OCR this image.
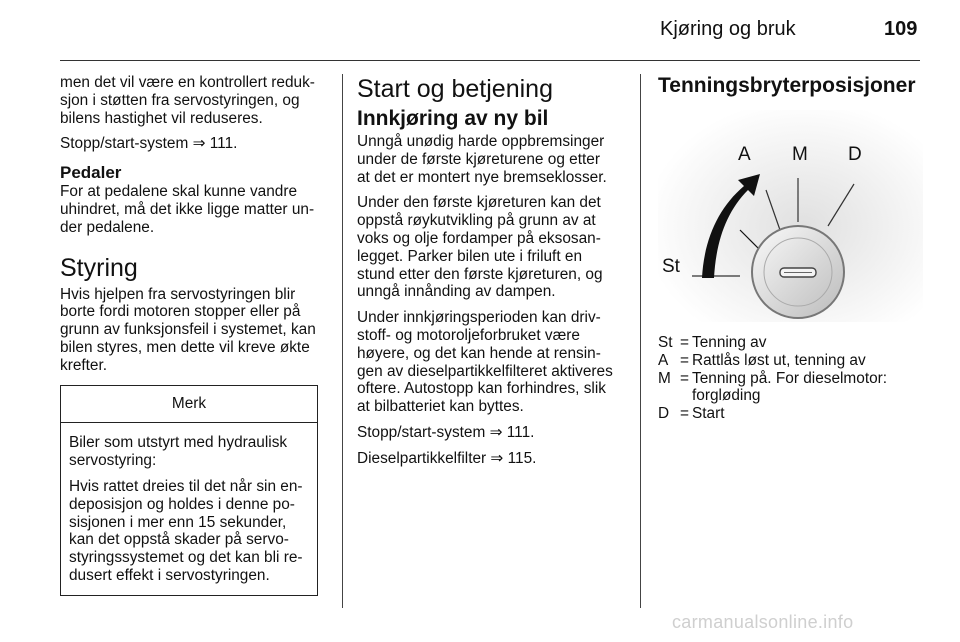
Kjøring og bruk	109

men det vil være en kontrollert reduk-
sjon i støtten fra servostyringen, og
bilens hastighet vil reduseres.

Stopp/start-system ⇒ 111.

Pedaler

For at pedalene skal kunne vandre
uhindret, må det ikke ligge matter un-
der pedalene.

Styring

Hvis hjelpen fra servostyringen blir
borte fordi motoren stopper eller på
grunn av funksjonsfeil i systemet, kan
bilen styres, men dette vil kreve økte
krefter.

Merk

Biler som utstyrt med hydraulisk
servostyring:

Hvis rattet dreies til det når sin en-
deposisjon og holdes i denne po-
sisjonen i mer enn 15 sekunder,
kan det oppstå skader på servo-
styringssystemet og det kan bli re-
dusert effekt i servostyringen.

Start og betjening
Innkjøring av ny bil

Unngå unødig harde oppbremsinger
under de første kjøreturene og etter
at det er montert nye bremseklosser.

Under den første kjøreturen kan det
oppstå røykutvikling på grunn av at
voks og olje fordamper på eksosan-
legget. Parker bilen ute i friluft en
stund etter den første kjøreturen, og
unngå innånding av dampen.

Under innkjøringsperioden kan driv-
stoff- og motoroljeforbruket være
høyere, og det kan hende at rensin-
gen av dieselpartikkelfilteret aktiveres
oftere. Autostopp kan forhindres, slik
at bilbatteriet kan byttes.

Stopp/start-system ⇒ 111.

Dieselpartikkelfilter ⇒ 115.

Tenningsbryterposisjoner
A M D
St
St = Tenning av
A = Rattlås løst ut, tenning av
M = Tenning på. For dieselmotor:
forgløding
D = Start
carmanualsonline.info
